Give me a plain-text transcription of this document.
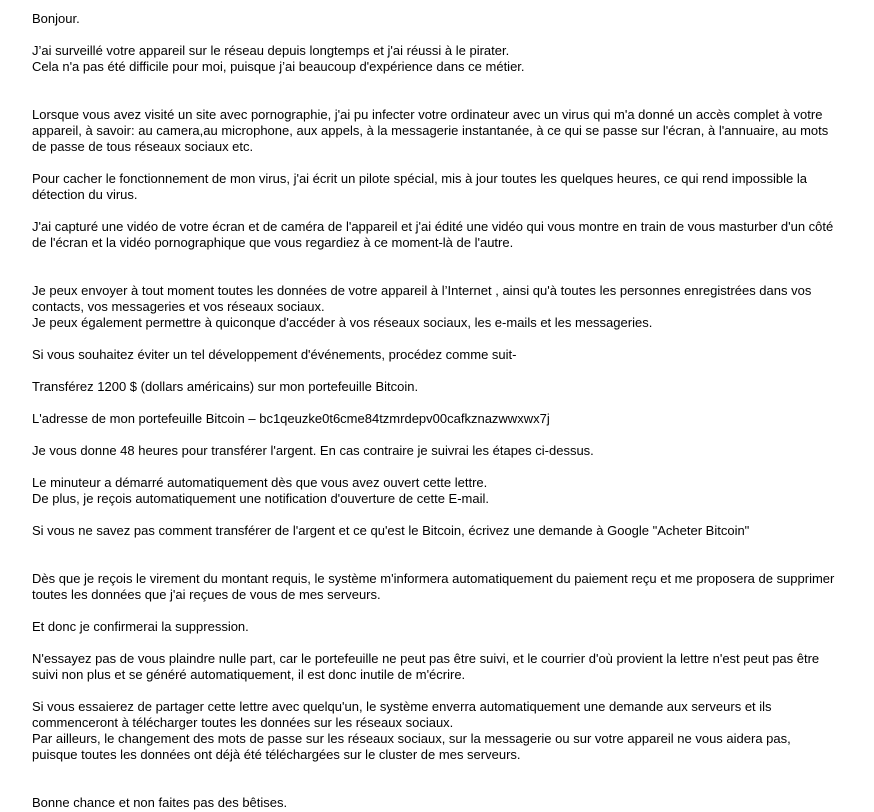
Bonjour.

J’ai surveillé votre appareil sur le réseau depuis longtemps et j'ai réussi à le pirater.
Cela n'a pas été difficile pour moi, puisque j’ai beaucoup d'expérience dans ce métier.

Lorsque vous avez visité un site avec pornographie, j'ai pu infecter votre ordinateur avec un virus qui m'a donné un accès complet à votre appareil, à savoir: au camera,au microphone, aux appels, à la messagerie instantanée, à ce qui se passe sur l'écran, à l'annuaire, au mots de passe de tous réseaux sociaux etc.

Pour cacher le fonctionnement de mon virus, j'ai écrit un pilote spécial, mis à jour toutes les quelques heures, ce qui rend impossible la détection du virus.

J'ai capturé une vidéo de votre écran et de caméra de l'appareil et j'ai édité une vidéo qui vous montre en train de vous masturber d'un côté de l'écran et la vidéo pornographique que vous regardiez à ce moment-là de l'autre.

Je peux envoyer à tout moment toutes les données de votre appareil à l’Internet , ainsi qu'à toutes les personnes enregistrées dans vos contacts, vos messageries et vos réseaux sociaux.
Je peux également permettre à quiconque d'accéder à vos réseaux sociaux, les e-mails et les messageries.

Si vous souhaitez éviter un tel développement d'événements, procédez comme suit-

Transférez 1200 $ (dollars américains) sur mon portefeuille Bitcoin.

L'adresse de mon portefeuille Bitcoin – bc1qeuzke0t6cme84tzmrdepv00cafkznazwwxwx7j

Je vous donne 48 heures pour transférer l'argent. En cas contraire je suivrai les étapes ci-dessus.

Le minuteur a démarré automatiquement dès que vous avez ouvert cette lettre.
De plus, je reçois automatiquement une notification d'ouverture de cette E-mail.

Si vous ne savez pas comment transférer de l'argent et ce qu'est le Bitcoin, écrivez une demande à Google "Acheter Bitcoin"

Dès que je reçois le virement du montant requis, le système m'informera automatiquement du paiement reçu et me proposera de supprimer toutes les données que j'ai reçues de vous de mes serveurs.

Et donc je confirmerai la suppression.

N'essayez pas de vous plaindre nulle part, car le portefeuille ne peut pas être suivi, et le courrier d'où provient la lettre n'est peut pas être suivi non plus et se généré automatiquement, il est donc inutile de m'écrire.

Si vous essaierez de partager cette lettre avec quelqu'un, le système enverra automatiquement une demande aux serveurs et ils commenceront à télécharger toutes les données sur les réseaux sociaux.
Par ailleurs, le changement des mots de passe sur les réseaux sociaux, sur la messagerie ou sur votre appareil ne vous aidera pas, puisque toutes les données ont déjà été téléchargées sur le cluster de mes serveurs.

Bonne chance et non faites pas des bêtises.
